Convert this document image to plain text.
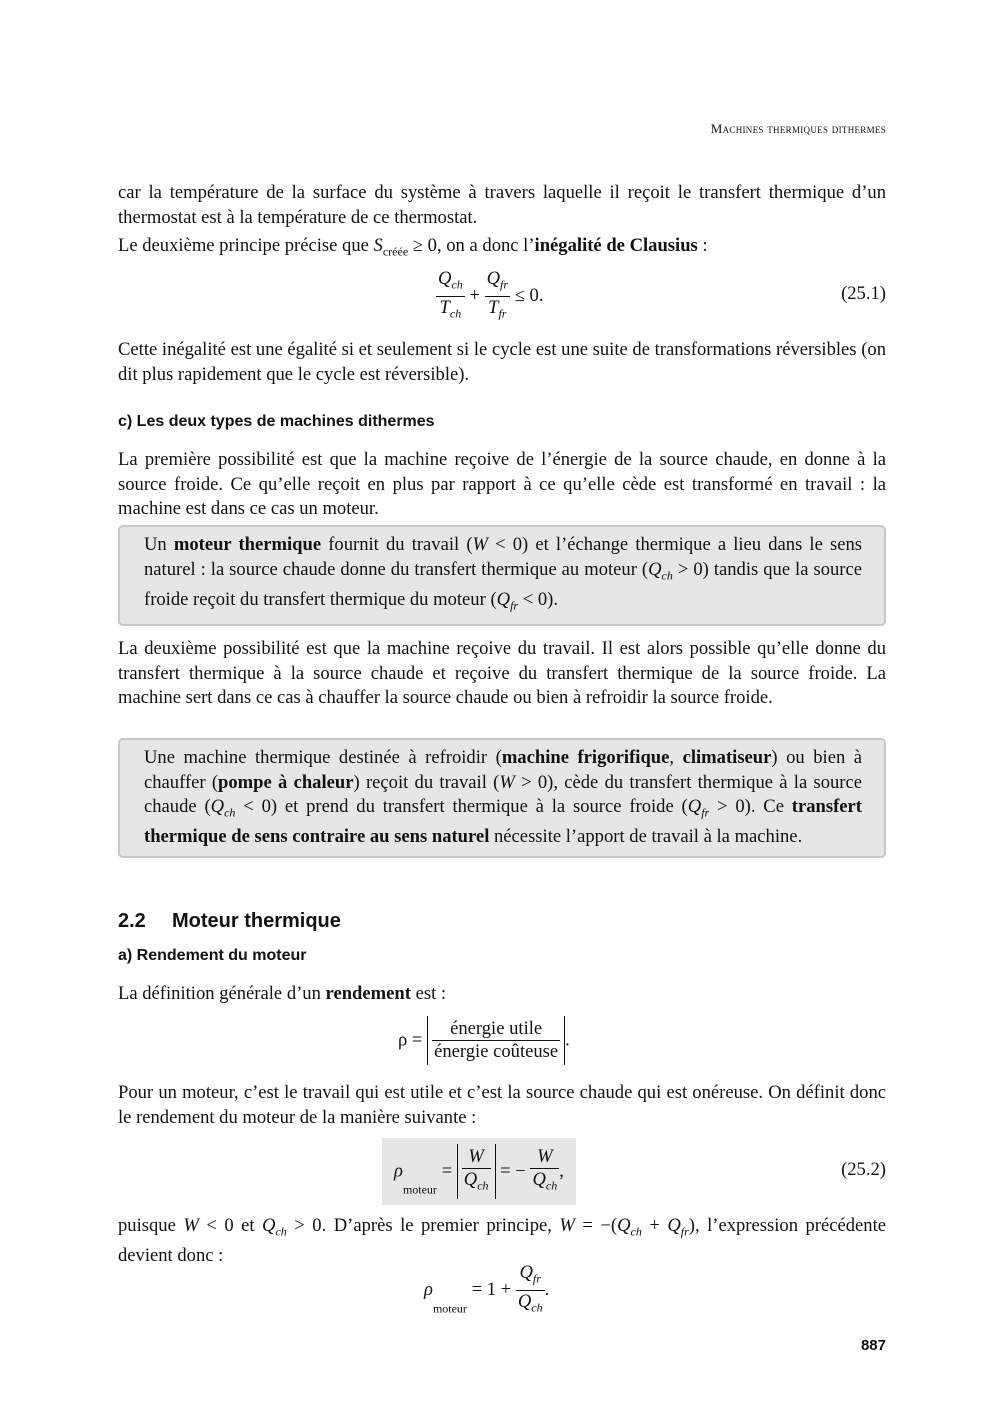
Machines thermiques dithermes

car la température de la surface du système à travers laquelle il reçoit le transfert thermique d’un thermostat est à la température de ce thermostat.

Le deuxième principe précise que $S_{créée} \ge 0$, on a donc l’inégalité de Clausius :

$\frac{Q_{ch}}{T_{ch}} + \frac{Q_{fr}}{T_{fr}} \le 0$.	(25.1)

Cette inégalité est une égalité si et seulement si le cycle est une suite de transformations réversibles (on dit plus rapidement que le cycle est réversible).

c) Les deux types de machines dithermes

La première possibilité est que la machine reçoive de l’énergie de la source chaude, en donne à la source froide. Ce qu’elle reçoit en plus par rapport à ce qu’elle cède est transformé en travail : la machine est dans ce cas un moteur.

Un moteur thermique fournit du travail (W < 0) et l’échange thermique a lieu dans le sens naturel : la source chaude donne du transfert thermique au moteur $(Q_{ch} > 0)$ tandis que la source froide reçoit du transfert thermique du moteur $(Q_{fr} < 0)$.

La deuxième possibilité est que la machine reçoive du travail. Il est alors possible qu’elle donne du transfert thermique à la source chaude et reçoive du transfert thermique de la source froide. La machine sert dans ce cas à chauffer la source chaude ou bien à refroidir la source froide.

Une machine thermique destinée à refroidir (machine frigorifique, climatiseur) ou bien à chauffer (pompe à chaleur) reçoit du travail (W > 0), cède du transfert thermique à la source chaude $(Q_{ch} < 0)$ et prend du transfert thermique à la source froide $(Q_{fr} > 0)$. Ce transfert thermique de sens contraire au sens naturel nécessite l’apport de travail à la machine.
2.2 Moteur thermique
a) Rendement du moteur

La définition générale d’un rendement est :

$\rho = \frac{\text{énergie utile}}{\text{énergie coûteuse}}$ .

Pour un moteur, c’est le travail qui est utile et c’est la source chaude qui est onéreuse. On définit donc le rendement du moteur de la manière suivante :

$\rho_{moteur} = \frac{W}{Q_{ch}}$ = − $\frac{W}{Q_{ch}}$ ,	(25.2)

puisque W < 0 et $Q_{ch} > 0$. D’après le premier principe, $W = -(Q_{ch} + Q_{fr})$, l’expression précédente devient donc :

$\rho_{moteur} = 1 + \frac{Q_{fr}}{Q_{ch}}$ .
887
